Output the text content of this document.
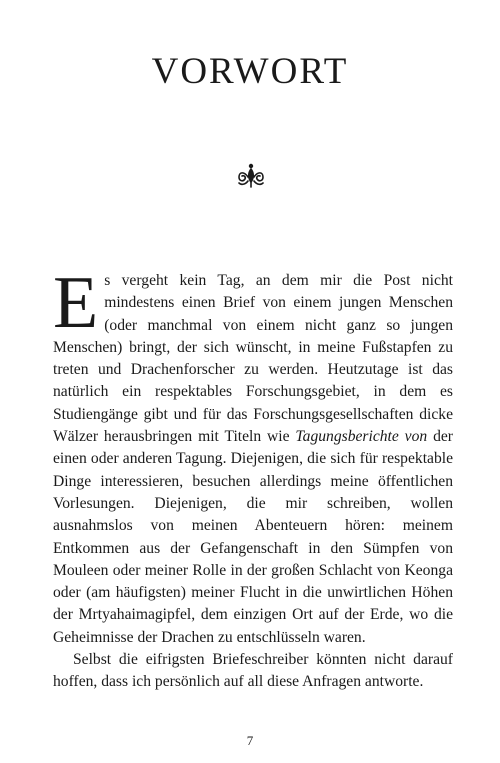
VORWORT

Es vergeht kein Tag, an dem mir die Post nicht mindestens einen Brief von einem jungen Menschen (oder manchmal von einem nicht ganz so jungen Menschen) bringt, der sich wünscht, in meine Fußstapfen zu treten und Drachenforscher zu werden. Heutzutage ist das natürlich ein respektables Forschungsgebiet, in dem es Studiengänge gibt und für das Forschungsgesellschaften dicke Wälzer herausbringen mit Titeln wie Tagungsberichte von der einen oder anderen Tagung. Diejenigen, die sich für respektable Dinge interessieren, besuchen allerdings meine öffentlichen Vorlesungen. Diejenigen, die mir schreiben, wollen ausnahmslos von meinen Abenteuern hören: meinem Entkommen aus der Gefangenschaft in den Sümpfen von Mouleen oder meiner Rolle in der großen Schlacht von Keonga oder (am häufigsten) meiner Flucht in die unwirtlichen Höhen der Mrtyahaimagipfel, dem einzigen Ort auf der Erde, wo die Geheimnisse der Drachen zu entschlüsseln waren.

Selbst die eifrigsten Briefeschreiber könnten nicht darauf hoffen, dass ich persönlich auf all diese Anfragen antworte.

7
